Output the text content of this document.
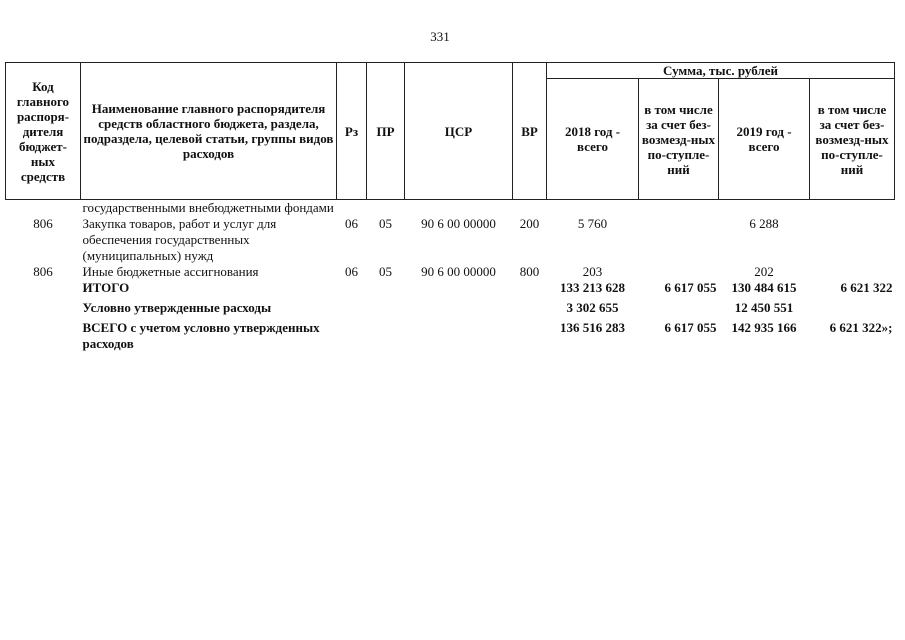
331
Код главного распоря-дителя бюджет-ных средств	Наименование главного распорядителя средств областного бюджета, раздела, подраздела, целевой статьи, группы видов расходов	Рз	ПР	ЦСР	ВР	Сумма, тыс. рублей			
						2018 год - всего	в том числе за счет без-возмезд-ных по-ступле-ний	2019 год - всего	в том числе за счет без-возмезд-ных по-ступле-ний
	государственными внебюджетными фондами								
806	Закупка товаров, работ и услуг для обеспечения государственных (муниципальных) нужд	06	05	90 6 00 00000	200	5 760		6 288	
806	Иные бюджетные ассигнования	06	05	90 6 00 00000	800	203		202	
	ИТОГО					133 213 628	6 617 055	130 484 615	6 621 322
	Условно утвержденные расходы					3 302 655		12 450 551	
	ВСЕГО с учетом условно утвержденных расходов					136 516 283	6 617 055	142 935 166	6 621 322»;
